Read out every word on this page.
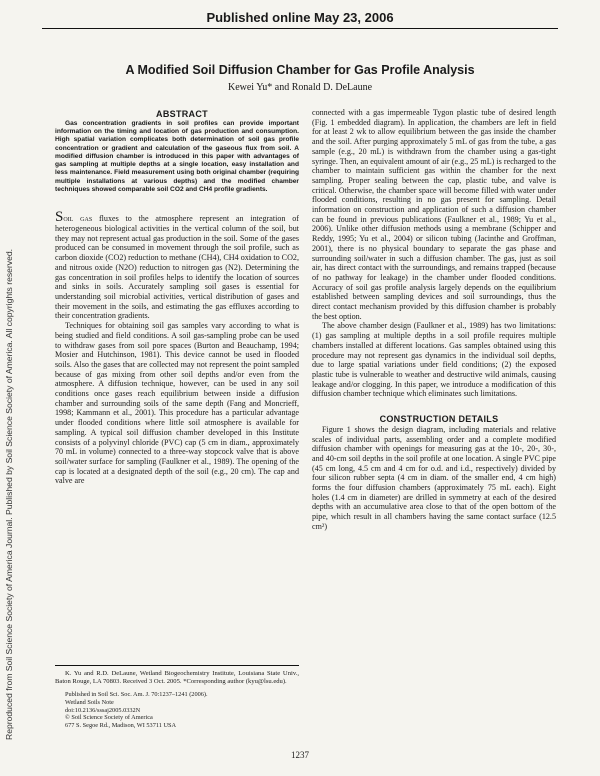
Published online May 23, 2006
Reproduced from Soil Science Society of America Journal. Published by Soil Science Society of America. All copyrights reserved.
A Modified Soil Diffusion Chamber for Gas Profile Analysis
Kewei Yu* and Ronald D. DeLaune

ABSTRACT

Gas concentration gradients in soil profiles can provide important information on the timing and location of gas production and consumption. High spatial variation complicates both determination of soil gas profile concentration or gradient and calculation of the gaseous flux from soil. A modified diffusion chamber is introduced in this paper with advantages of gas sampling at multiple depths at a single location, easy installation and less maintenance. Field measurement using both original chamber (requiring multiple installations at various depths) and the modified chamber techniques showed comparable soil CO2 and CH4 profile gradients.

Soil gas fluxes to the atmosphere represent an integration of heterogeneous biological activities in the vertical column of the soil, but they may not represent actual gas production in the soil. Some of the gases produced can be consumed in movement through the soil profile, such as carbon dioxide (CO2) reduction to methane (CH4), CH4 oxidation to CO2, and nitrous oxide (N2O) reduction to nitrogen gas (N2). Determining the gas concentration in soil profiles helps to identify the location of sources and sinks in soils. Accurately sampling soil gases is essential for understanding soil microbial activities, vertical distribution of gases and their movement in the soils, and estimating the gas effluxes according to their concentration gradients.

Techniques for obtaining soil gas samples vary according to what is being studied and field conditions. A soil gas-sampling probe can be used to withdraw gases from soil pore spaces (Burton and Beauchamp, 1994; Mosier and Hutchinson, 1981). This device cannot be used in flooded soils. Also the gases that are collected may not represent the point sampled because of gas mixing from other soil depths and/or even from the atmosphere. A diffusion technique, however, can be used in any soil conditions once gases reach equilibrium between inside a diffusion chamber and surrounding soils of the same depth (Fang and Moncrieff, 1998; Kammann et al., 2001). This procedure has a particular advantage under flooded conditions where little soil atmosphere is available for sampling. A typical soil diffusion chamber developed in this Institute consists of a polyvinyl chloride (PVC) cap (5 cm in diam., approximately 70 mL in volume) connected to a three-way stopcock valve that is above soil/water surface for sampling (Faulkner et al., 1989). The opening of the cap is located at a designated depth of the soil (e.g., 20 cm). The cap and valve are

K. Yu and R.D. DeLaune, Wetland Biogeochemistry Institute, Louisiana State Univ., Baton Rouge, LA 70803. Received 3 Oct. 2005. *Corresponding author (kyu@lsu.edu).

Published in Soil Sci. Soc. Am. J. 70:1237–1241 (2006).

Wetland Soils Note

doi:10.2136/sssaj2005.0332N

© Soil Science Society of America

677 S. Segoe Rd., Madison, WI 53711 USA

connected with a gas impermeable Tygon plastic tube of desired length (Fig. 1 embedded diagram). In application, the chambers are left in field for at least 2 wk to allow equilibrium between the gas inside the chamber and the soil. After purging approximately 5 mL of gas from the tube, a gas sample (e.g., 20 mL) is withdrawn from the chamber using a gas-tight syringe. Then, an equivalent amount of air (e.g., 25 mL) is recharged to the chamber to maintain sufficient gas within the chamber for the next sampling. Proper sealing between the cap, plastic tube, and valve is critical. Otherwise, the chamber space will become filled with water under flooded conditions, resulting in no gas present for sampling. Detail information on construction and application of such a diffusion chamber can be found in previous publications (Faulkner et al., 1989; Yu et al., 2006). Unlike other diffusion methods using a membrane (Schipper and Reddy, 1995; Yu et al., 2004) or silicon tubing (Jacinthe and Groffman, 2001), there is no physical boundary to separate the gas phase and surrounding soil/water in such a diffusion chamber. The gas, just as soil air, has direct contact with the surroundings, and remains trapped (because of no pathway for leakage) in the chamber under flooded conditions. Accuracy of soil gas profile analysis largely depends on the equilibrium established between sampling devices and soil surroundings, thus the direct contact mechanism provided by this diffusion chamber is probably the best option.

The above chamber design (Faulkner et al., 1989) has two limitations: (1) gas sampling at multiple depths in a soil profile requires multiple chambers installed at different locations. Gas samples obtained using this procedure may not represent gas dynamics in the individual soil depths, due to large spatial variations under field conditions; (2) the exposed plastic tube is vulnerable to weather and destructive wild animals, causing leakage and/or clogging. In this paper, we introduce a modification of this diffusion chamber technique which eliminates such limitations.

CONSTRUCTION DETAILS

Figure 1 shows the design diagram, including materials and relative scales of individual parts, assembling order and a complete modified diffusion chamber with openings for measuring gas at the 10-, 20-, 30-, and 40-cm soil depths in the soil profile at one location. A single PVC pipe (45 cm long, 4.5 cm and 4 cm for o.d. and i.d., respectively) divided by four silicon rubber septa (4 cm in diam. of the smaller end, 4 cm high) forms the four diffusion chambers (approximately 75 mL each). Eight holes (1.4 cm in diameter) are drilled in symmetry at each of the desired depths with an accumulative area close to that of the open bottom of the pipe, which result in all chambers having the same contact surface (12.5 cm²)

1237
